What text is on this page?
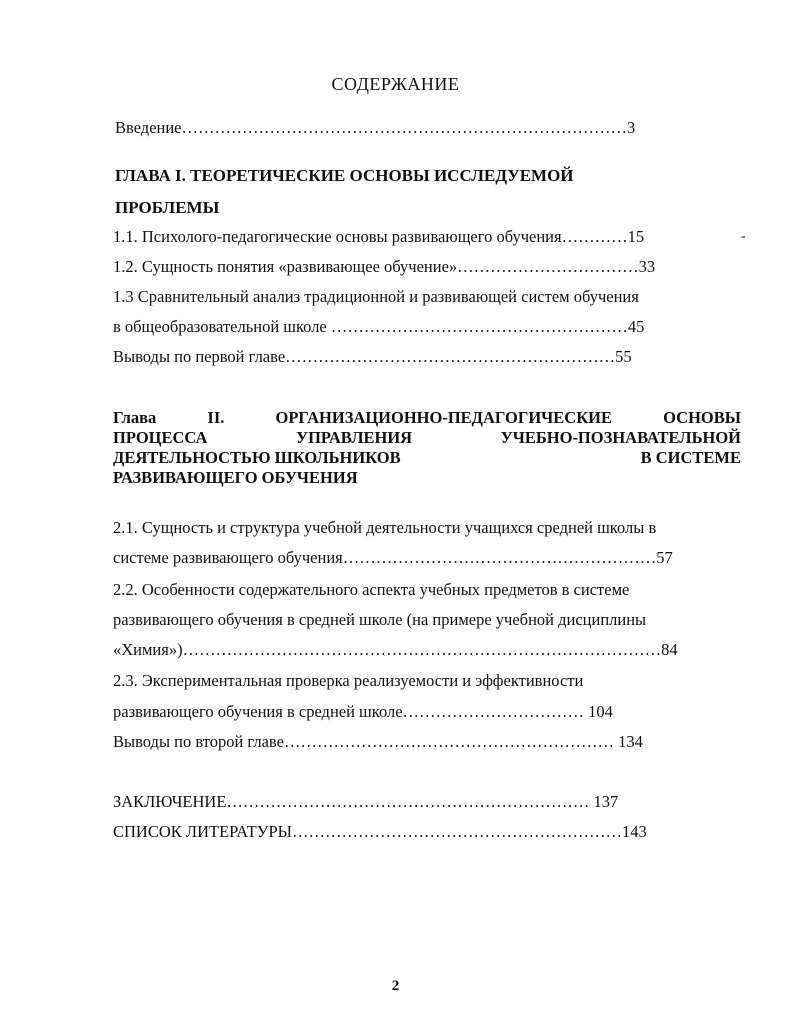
СОДЕРЖАНИЕ
Введение………………………………………………………………………3
ГЛАВА I. ТЕОРЕТИЧЕСКИЕ ОСНОВЫ ИССЛЕДУЕМОЙ
ПРОБЛЕМЫ
1.1. Психолого-педагогические основы развивающего обучения…………15	-
1.2. Сущность понятия «развивающее обучение»……………………………33
1.3 Сравнительный анализ традиционной и развивающей систем обучения
в общеобразовательной школе ………………………………………………45
Выводы по первой главе……………………………………………………55
Глава	II.	ОРГАНИЗАЦИОННО-ПЕДАГОГИЧЕСКИЕ	ОСНОВЫ
ПРОЦЕССА	УПРАВЛЕНИЯ	УЧЕБНО-ПОЗНАВАТЕЛЬНОЙ
ДЕЯТЕЛЬНОСТЬЮ ШКОЛЬНИКОВ	В СИСТЕМЕ
РАЗВИВАЮЩЕГО ОБУЧЕНИЯ
2.1. Сущность и структура учебной деятельности учащихся средней школы в
системе развивающего обучения…………………………………………………57
2.2. Особенности содержательного аспекта учебных предметов в системе
развивающего обучения в средней школе (на примере учебной дисциплины
«Химия»)……………………………………………………………………………84
2.3. Экспериментальная проверка реализуемости и эффективности
развивающего обучения в средней школе…………………………… 104
Выводы по второй главе…………………………………………………… 134
ЗАКЛЮЧЕНИЕ………………………………………………………… 137
СПИСОК ЛИТЕРАТУРЫ……………………………………………………143
2
